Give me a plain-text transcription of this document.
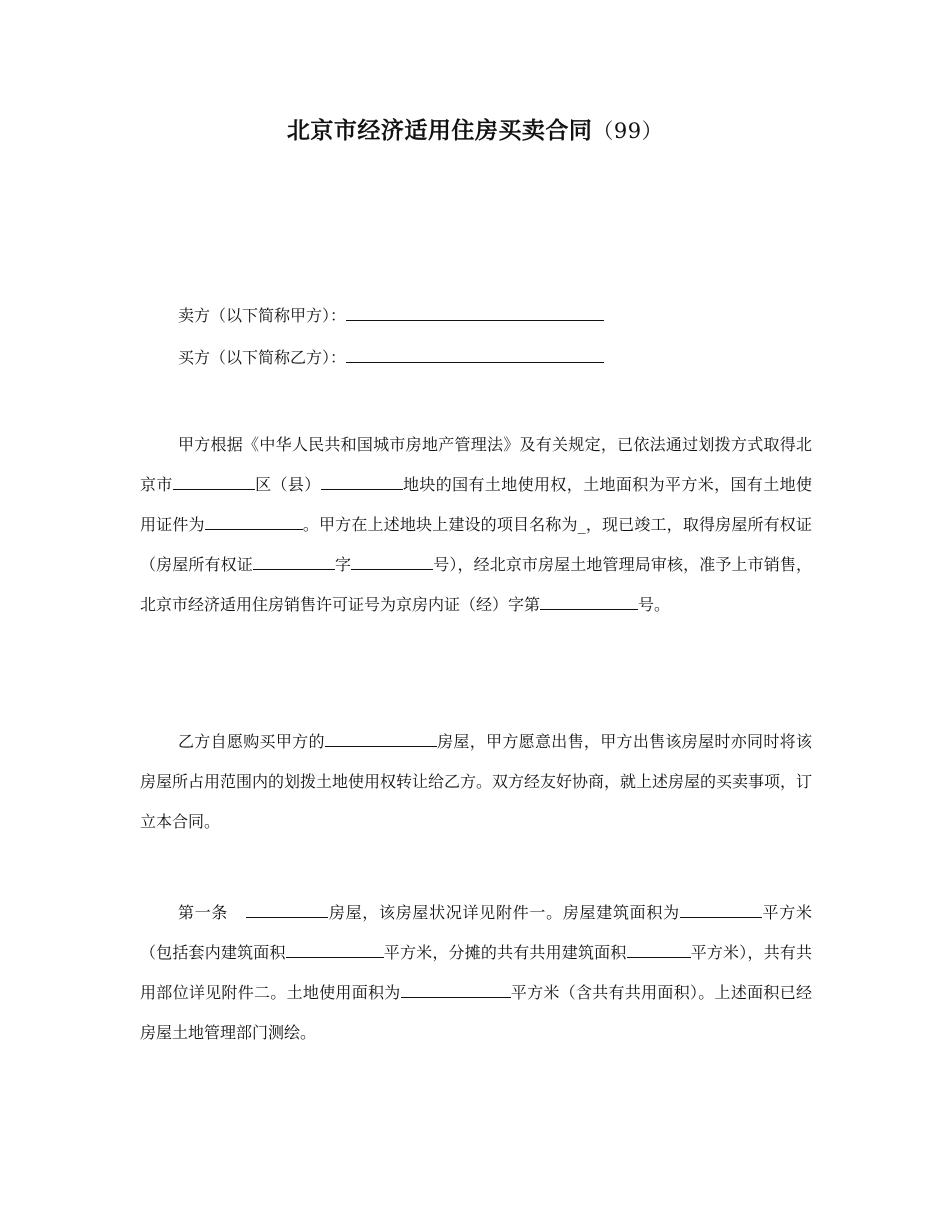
北京市经济适用住房买卖合同（99）
卖方（以下简称甲方）：
买方（以下简称乙方）：

甲方根据《中华人民共和国城市房地产管理法》及有关规定，已依法通过划拨方式取得北京市	区（县）	地块的国有土地使用权，土地面积为平方米，国有土地使用证件为	。甲方在上述地块上建设的项目名称为_，现已竣工，取得房屋所有权证（房屋所有权证	字	号），经北京市房屋土地管理局审核，准予上市销售，北京市经济适用住房销售许可证号为京房内证（经）字第	号。

乙方自愿购买甲方的	房屋，甲方愿意出售，甲方出售该房屋时亦同时将该房屋所占用范围内的划拨土地使用权转让给乙方。双方经友好协商，就上述房屋的买卖事项，订立本合同。

第一条	房屋，该房屋状况详见附件一。房屋建筑面积为	平方米（包括套内建筑面积	平方米，分摊的共有共用建筑面积	平方米），共有共用部位详见附件二。土地使用面积为	平方米（含共有共用面积）。上述面积已经房屋土地管理部门测绘。
